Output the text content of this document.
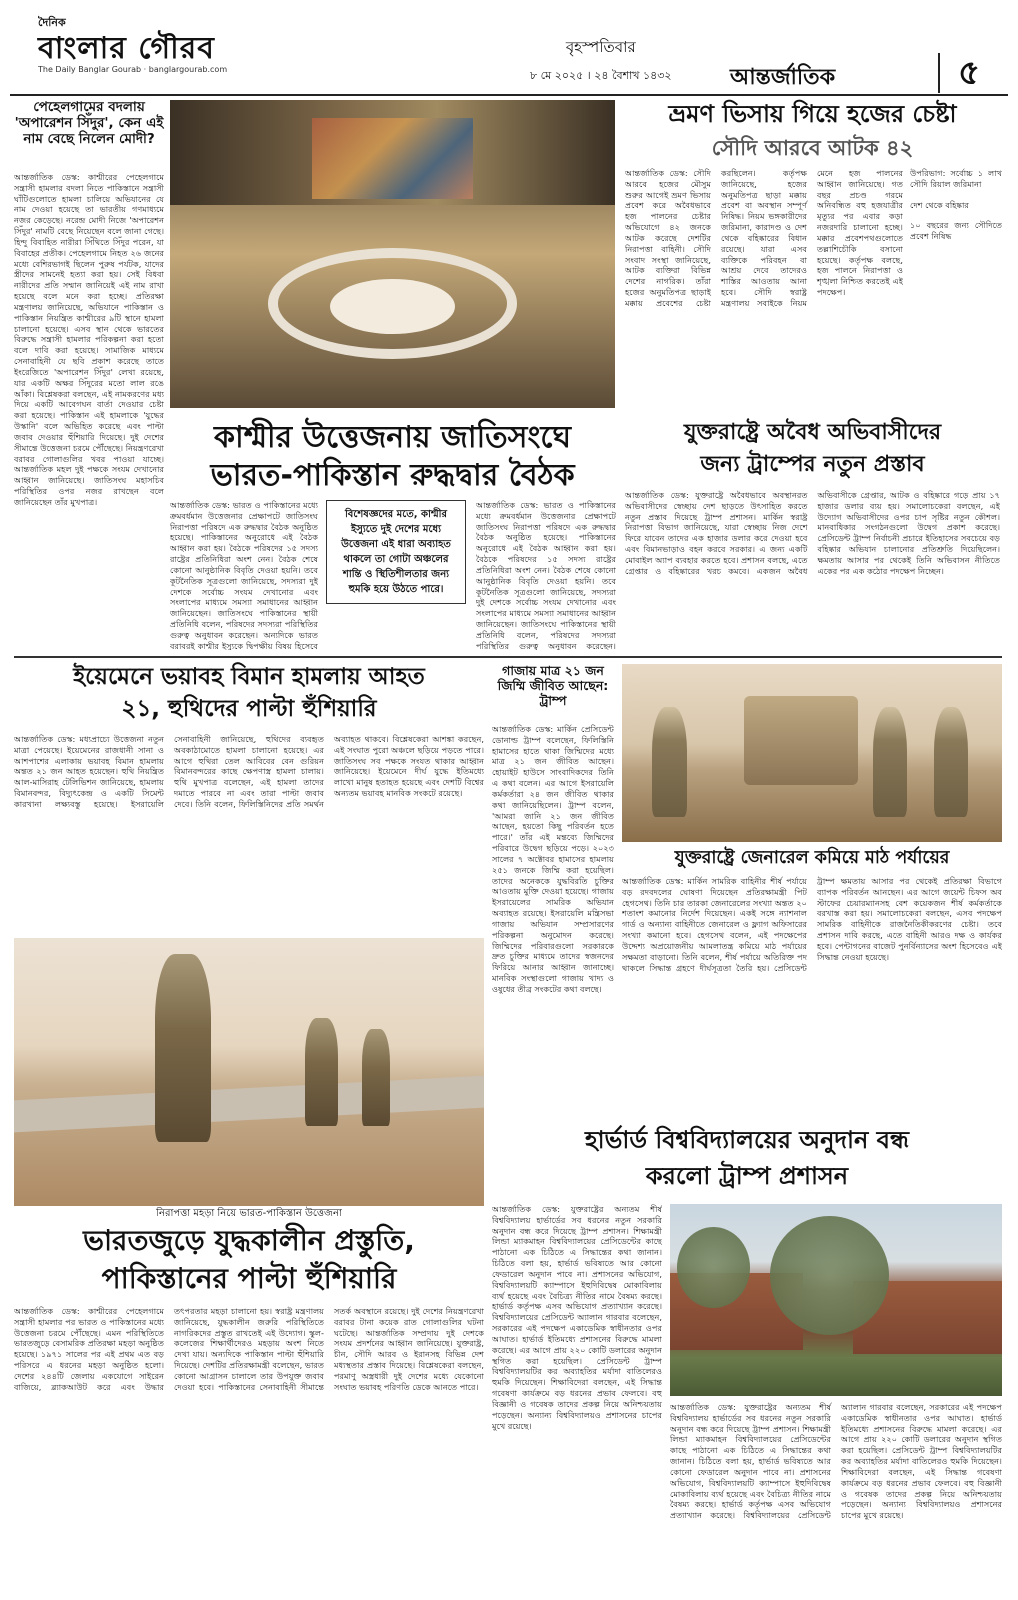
দৈনিক
বাংলার গৌরব
The Daily Banglar Gourab · banglargourab.com
বৃহস্পতিবার
৮ মে ২০২৫ । ২৪ বৈশাখ ১৪৩২	আন্তর্জাতিক	৫
পেহেলগামের বদলায় 'অপারেশন সিঁদুর', কেন এই নাম বেছে নিলেন মোদী?
আন্তর্জাতিক ডেস্ক: কাশ্মীরের পেহেলগামে সন্ত্রাসী হামলার বদলা নিতে পাকিস্তানে সন্ত্রাসী ঘাঁটিগুলোতে হামলা চালিয়ে অভিযানের যে নাম দেওয়া হয়েছে তা ভারতীয় গণমাধ্যমে নজর কেড়েছে। নরেন্দ্র মোদী নিজে 'অপারেশন সিঁদুর' নামটি বেছে নিয়েছেন বলে জানা গেছে। হিন্দু বিবাহিত নারীরা সিঁথিতে সিঁদুর পরেন, যা বিবাহের প্রতীক। পেহেলগামে নিহত ২৬ জনের মধ্যে বেশিরভাগই ছিলেন পুরুষ পর্যটক, যাদের স্ত্রীদের সামনেই হত্যা করা হয়। সেই বিধবা নারীদের প্রতি সম্মান জানিয়েই এই নাম রাখা হয়েছে বলে মনে করা হচ্ছে। প্রতিরক্ষা মন্ত্রণালয় জানিয়েছে, অভিযানে পাকিস্তান ও পাকিস্তান নিয়ন্ত্রিত কাশ্মীরের ৯টি স্থানে হামলা চালানো হয়েছে। এসব স্থান থেকে ভারতের বিরুদ্ধে সন্ত্রাসী হামলার পরিকল্পনা করা হতো বলে দাবি করা হয়েছে। সামাজিক মাধ্যমে সেনাবাহিনী যে ছবি প্রকাশ করেছে তাতে ইংরেজিতে 'অপারেশন সিঁদুর' লেখা রয়েছে, যার একটি অক্ষর সিঁদুরের মতো লাল রঙে আঁকা। বিশ্লেষকরা বলছেন, এই নামকরণের মধ্য দিয়ে একটি আবেগঘন বার্তা দেওয়ার চেষ্টা করা হয়েছে। পাকিস্তান এই হামলাকে 'যুদ্ধের উস্কানি' বলে অভিহিত করেছে এবং পাল্টা জবাব দেওয়ার হুঁশিয়ারি দিয়েছে। দুই দেশের সীমান্তে উত্তেজনা চরমে পৌঁছেছে। নিয়ন্ত্রণরেখা বরাবর গোলাগুলির খবর পাওয়া যাচ্ছে। আন্তর্জাতিক মহল দুই পক্ষকে সংযম দেখানোর আহ্বান জানিয়েছে। জাতিসংঘ মহাসচিব পরিস্থিতির ওপর নজর রাখছেন বলে জানিয়েছেন তাঁর মুখপাত্র।
ভ্রমণ ভিসায় গিয়ে হজের চেষ্টা
সৌদি আরবে আটক ৪২
আন্তর্জাতিক ডেস্ক: সৌদি আরবে হজের মৌসুম শুরুর আগেই ভ্রমণ ভিসায় প্রবেশ করে অবৈধভাবে হজ পালনের চেষ্টার অভিযোগে ৪২ জনকে আটক করেছে দেশটির নিরাপত্তা বাহিনী। সৌদি সংবাদ সংস্থা জানিয়েছে, আটক ব্যক্তিরা বিভিন্ন দেশের নাগরিক। তাঁরা হজের অনুমতিপত্র ছাড়াই মক্কায় প্রবেশের চেষ্টা করছিলেন। কর্তৃপক্ষ জানিয়েছে, হজের অনুমতিপত্র ছাড়া মক্কায় প্রবেশ বা অবস্থান সম্পূর্ণ নিষিদ্ধ। নিয়ম ভঙ্গকারীদের জরিমানা, কারাদণ্ড ও দেশ থেকে বহিষ্কারের বিধান রয়েছে। যারা এসব ব্যক্তিকে পরিবহন বা আশ্রয় দেবে তাদেরও শাস্তির আওতায় আনা হবে। সৌদি স্বরাষ্ট্র মন্ত্রণালয় সবাইকে নিয়ম মেনে হজ পালনের আহ্বান জানিয়েছে। গত বছর প্রচণ্ড গরমে অনিবন্ধিত বহু হজযাত্রীর মৃত্যুর পর এবার কড়া নজরদারি চালানো হচ্ছে। মক্কার প্রবেশপথগুলোতে তল্লাশিচৌকি বসানো হয়েছে। কর্তৃপক্ষ বলছে, হজ পালনে নিরাপত্তা ও শৃঙ্খলা নিশ্চিত করতেই এই পদক্ষেপ।
উপরিভাগ: সর্বোচ্চ ১ লাখ সৌদি রিয়াল জরিমানা
দেশ থেকে বহিষ্কার
১০ বছরের জন্য সৌদিতে প্রবেশ নিষিদ্ধ
কাশ্মীর উত্তেজনায় জাতিসংঘে
ভারত-পাকিস্তান রুদ্ধদ্বার বৈঠক
আন্তর্জাতিক ডেস্ক: ভারত ও পাকিস্তানের মধ্যে ক্রমবর্ধমান উত্তেজনার প্রেক্ষাপটে জাতিসংঘ নিরাপত্তা পরিষদে এক রুদ্ধদ্বার বৈঠক অনুষ্ঠিত হয়েছে। পাকিস্তানের অনুরোধে এই বৈঠক আহ্বান করা হয়। বৈঠকে পরিষদের ১৫ সদস্য রাষ্ট্রের প্রতিনিধিরা অংশ নেন। বৈঠক শেষে কোনো আনুষ্ঠানিক বিবৃতি দেওয়া হয়নি। তবে কূটনৈতিক সূত্রগুলো জানিয়েছে, সদস্যরা দুই দেশকে সর্বোচ্চ সংযম দেখানোর এবং সংলাপের মাধ্যমে সমস্যা সমাধানের আহ্বান জানিয়েছেন। জাতিসংঘে পাকিস্তানের স্থায়ী প্রতিনিধি বলেন, পরিষদের সদস্যরা পরিস্থিতির গুরুত্ব অনুধাবন করেছেন। অন্যদিকে ভারত বরাবরই কাশ্মীর ইস্যুকে দ্বিপক্ষীয় বিষয় হিসেবে
বিশেষজ্ঞদের মতে, কাশ্মীর ইস্যুতে দুই দেশের মধ্যে উত্তেজনা এই ধারা অব্যাহত থাকলে তা গোটা অঞ্চলের শান্তি ও স্থিতিশীলতার জন্য হুমকি হয়ে উঠতে পারে।
আন্তর্জাতিক ডেস্ক: ভারত ও পাকিস্তানের মধ্যে ক্রমবর্ধমান উত্তেজনার প্রেক্ষাপটে জাতিসংঘ নিরাপত্তা পরিষদে এক রুদ্ধদ্বার বৈঠক অনুষ্ঠিত হয়েছে। পাকিস্তানের অনুরোধে এই বৈঠক আহ্বান করা হয়। বৈঠকে পরিষদের ১৫ সদস্য রাষ্ট্রের প্রতিনিধিরা অংশ নেন। বৈঠক শেষে কোনো আনুষ্ঠানিক বিবৃতি দেওয়া হয়নি। তবে কূটনৈতিক সূত্রগুলো জানিয়েছে, সদস্যরা দুই দেশকে সর্বোচ্চ সংযম দেখানোর এবং সংলাপের মাধ্যমে সমস্যা সমাধানের আহ্বান জানিয়েছেন। জাতিসংঘে পাকিস্তানের স্থায়ী প্রতিনিধি বলেন, পরিষদের সদস্যরা পরিস্থিতির গুরুত্ব অনুধাবন করেছেন।
যুক্তরাষ্ট্রে অবৈধ অভিবাসীদের
জন্য ট্রাম্পের নতুন প্রস্তাব
আন্তর্জাতিক ডেস্ক: যুক্তরাষ্ট্রে অবৈধভাবে অবস্থানরত অভিবাসীদের স্বেচ্ছায় দেশ ছাড়তে উৎসাহিত করতে নতুন প্রস্তাব দিয়েছে ট্রাম্প প্রশাসন। মার্কিন স্বরাষ্ট্র নিরাপত্তা বিভাগ জানিয়েছে, যারা স্বেচ্ছায় নিজ দেশে ফিরে যাবেন তাদের এক হাজার ডলার করে দেওয়া হবে এবং বিমানভাড়াও বহন করবে সরকার। এ জন্য একটি মোবাইল অ্যাপ ব্যবহার করতে হবে। প্রশাসন বলছে, এতে গ্রেপ্তার ও বহিষ্কারের খরচ কমবে। একজন অবৈধ অভিবাসীকে গ্রেপ্তার, আটক ও বহিষ্কারে গড়ে প্রায় ১৭ হাজার ডলার ব্যয় হয়। সমালোচকেরা বলছেন, এই উদ্যোগ অভিবাসীদের ওপর চাপ সৃষ্টির নতুন কৌশল। মানবাধিকার সংগঠনগুলো উদ্বেগ প্রকাশ করেছে। প্রেসিডেন্ট ট্রাম্প নির্বাচনী প্রচারে ইতিহাসের সবচেয়ে বড় বহিষ্কার অভিযান চালানোর প্রতিশ্রুতি দিয়েছিলেন। ক্ষমতায় আসার পর থেকেই তিনি অভিবাসন নীতিতে একের পর এক কঠোর পদক্ষেপ নিচ্ছেন।
ইয়েমেনে ভয়াবহ বিমান হামলায় আহত
২১, হুথিদের পাল্টা হুঁশিয়ারি
আন্তর্জাতিক ডেস্ক: মধ্যপ্রাচ্যে উত্তেজনা নতুন মাত্রা পেয়েছে। ইয়েমেনের রাজধানী সানা ও আশপাশের এলাকায় ভয়াবহ বিমান হামলায় অন্তত ২১ জন আহত হয়েছেন। হুথি নিয়ন্ত্রিত আল-মাসিরাহ টেলিভিশন জানিয়েছে, হামলায় বিমানবন্দর, বিদ্যুৎকেন্দ্র ও একটি সিমেন্ট কারখানা লক্ষ্যবস্তু হয়েছে। ইসরায়েলি সেনাবাহিনী জানিয়েছে, হুথিদের ব্যবহৃত অবকাঠামোতে হামলা চালানো হয়েছে। এর আগে হুথিরা তেল আবিবের বেন গুরিয়ন বিমানবন্দরের কাছে ক্ষেপণাস্ত্র হামলা চালায়। হুথি মুখপাত্র বলেছেন, এই হামলা তাদের দমাতে পারবে না এবং তারা পাল্টা জবাব দেবে। তিনি বলেন, ফিলিস্তিনিদের প্রতি সমর্থন অব্যাহত থাকবে। বিশ্লেষকেরা আশঙ্কা করছেন, এই সংঘাত পুরো অঞ্চলে ছড়িয়ে পড়তে পারে। জাতিসংঘ সব পক্ষকে সংযত থাকার আহ্বান জানিয়েছে। ইয়েমেনে দীর্ঘ যুদ্ধে ইতিমধ্যে লাখো মানুষ হতাহত হয়েছে এবং দেশটি বিশ্বের অন্যতম ভয়াবহ মানবিক সংকটে রয়েছে।
গাজায় মাত্র ২১ জন জিম্মি জীবিত আছেন: ট্রাম্প
আন্তর্জাতিক ডেস্ক: মার্কিন প্রেসিডেন্ট ডোনাল্ড ট্রাম্প বলেছেন, ফিলিস্তিনি হামাসের হাতে থাকা জিম্মিদের মধ্যে মাত্র ২১ জন জীবিত আছেন। হোয়াইট হাউসে সাংবাদিকদের তিনি এ কথা বলেন। এর আগে ইসরায়েলি কর্মকর্তারা ২৪ জন জীবিত থাকার কথা জানিয়েছিলেন। ট্রাম্প বলেন, 'আমরা জানি ২১ জন জীবিত আছেন, হয়তো কিছু পরিবর্তন হতে পারে।' তাঁর এই মন্তব্যে জিম্মিদের পরিবারে উদ্বেগ ছড়িয়ে পড়ে। ২০২৩ সালের ৭ অক্টোবর হামাসের হামলায় ২৫১ জনকে জিম্মি করা হয়েছিল। তাদের অনেককে যুদ্ধবিরতি চুক্তির আওতায় মুক্তি দেওয়া হয়েছে। গাজায় ইসরায়েলের সামরিক অভিযান অব্যাহত রয়েছে। ইসরায়েলি মন্ত্রিসভা গাজায় অভিযান সম্প্রসারণের পরিকল্পনা অনুমোদন করেছে। জিম্মিদের পরিবারগুলো সরকারকে দ্রুত চুক্তির মাধ্যমে তাদের স্বজনদের ফিরিয়ে আনার আহ্বান জানাচ্ছে। মানবিক সংস্থাগুলো গাজায় খাদ্য ও ওষুধের তীব্র সংকটের কথা বলছে।
যুক্তরাষ্ট্রে জেনারেল কমিয়ে মাঠ পর্যায়ের
আন্তর্জাতিক ডেস্ক: মার্কিন সামরিক বাহিনীর শীর্ষ পর্যায়ে বড় রদবদলের ঘোষণা দিয়েছেন প্রতিরক্ষামন্ত্রী পিট হেগসেথ। তিনি চার তারকা জেনারেলের সংখ্যা অন্তত ২০ শতাংশ কমানোর নির্দেশ দিয়েছেন। একই সঙ্গে ন্যাশনাল গার্ড ও অন্যান্য বাহিনীতে জেনারেল ও ফ্ল্যাগ অফিসারের সংখ্যা কমানো হবে। হেগসেথ বলেন, এই পদক্ষেপের উদ্দেশ্য অপ্রয়োজনীয় আমলাতন্ত্র কমিয়ে মাঠ পর্যায়ের সক্ষমতা বাড়ানো। তিনি বলেন, শীর্ষ পর্যায়ে অতিরিক্ত পদ থাকলে সিদ্ধান্ত গ্রহণে দীর্ঘসূত্রতা তৈরি হয়। প্রেসিডেন্ট ট্রাম্প ক্ষমতায় আসার পর থেকেই প্রতিরক্ষা বিভাগে ব্যাপক পরিবর্তন আনছেন। এর আগে জয়েন্ট চিফস অব স্টাফের চেয়ারম্যানসহ বেশ কয়েকজন শীর্ষ কর্মকর্তাকে বরখাস্ত করা হয়। সমালোচকেরা বলছেন, এসব পদক্ষেপ সামরিক বাহিনীকে রাজনৈতিকীকরণের চেষ্টা। তবে প্রশাসন দাবি করছে, এতে বাহিনী আরও দক্ষ ও কার্যকর হবে। পেন্টাগনের বাজেট পুনর্বিন্যাসের অংশ হিসেবেও এই সিদ্ধান্ত নেওয়া হয়েছে।
নিরাপত্তা মহড়া নিয়ে ভারত-পাকিস্তান উত্তেজনা
ভারতজুড়ে যুদ্ধকালীন প্রস্তুতি,
পাকিস্তানের পাল্টা হুঁশিয়ারি
আন্তর্জাতিক ডেস্ক: কাশ্মীরের পেহেলগামে সন্ত্রাসী হামলার পর ভারত ও পাকিস্তানের মধ্যে উত্তেজনা চরমে পৌঁছেছে। এমন পরিস্থিতিতে ভারতজুড়ে বেসামরিক প্রতিরক্ষা মহড়া অনুষ্ঠিত হয়েছে। ১৯৭১ সালের পর এই প্রথম এত বড় পরিসরে এ ধরনের মহড়া অনুষ্ঠিত হলো। দেশের ২৪৪টি জেলায় একযোগে সাইরেন বাজিয়ে, ব্ল্যাকআউট করে এবং উদ্ধার তৎপরতার মহড়া চালানো হয়। স্বরাষ্ট্র মন্ত্রণালয় জানিয়েছে, যুদ্ধকালীন জরুরি পরিস্থিতিতে নাগরিকদের প্রস্তুত রাখতেই এই উদ্যোগ। স্কুল-কলেজের শিক্ষার্থীদেরও মহড়ায় অংশ নিতে দেখা যায়। অন্যদিকে পাকিস্তান পাল্টা হুঁশিয়ারি দিয়েছে। দেশটির প্রতিরক্ষামন্ত্রী বলেছেন, ভারত কোনো আগ্রাসন চালালে তার উপযুক্ত জবাব দেওয়া হবে। পাকিস্তানের সেনাবাহিনী সীমান্তে সতর্ক অবস্থানে রয়েছে। দুই দেশের নিয়ন্ত্রণরেখা বরাবর টানা কয়েক রাত গোলাগুলির ঘটনা ঘটেছে। আন্তর্জাতিক সম্প্রদায় দুই দেশকে সংযম প্রদর্শনের আহ্বান জানিয়েছে। যুক্তরাষ্ট্র, চীন, সৌদি আরব ও ইরানসহ বিভিন্ন দেশ মধ্যস্থতার প্রস্তাব দিয়েছে। বিশ্লেষকেরা বলছেন, পরমাণু অস্ত্রধারী দুই দেশের মধ্যে যেকোনো সংঘাত ভয়াবহ পরিণতি ডেকে আনতে পারে।
হার্ভার্ড বিশ্ববিদ্যালয়ের অনুদান বন্ধ
করলো ট্রাম্প প্রশাসন
আন্তর্জাতিক ডেস্ক: যুক্তরাষ্ট্রের অন্যতম শীর্ষ বিশ্ববিদ্যালয় হার্ভার্ডের সব ধরনের নতুন সরকারি অনুদান বন্ধ করে দিয়েছে ট্রাম্প প্রশাসন। শিক্ষামন্ত্রী লিন্ডা ম্যাকমাহন বিশ্ববিদ্যালয়ের প্রেসিডেন্টের কাছে পাঠানো এক চিঠিতে এ সিদ্ধান্তের কথা জানান। চিঠিতে বলা হয়, হার্ভার্ড ভবিষ্যতে আর কোনো ফেডারেল অনুদান পাবে না। প্রশাসনের অভিযোগ, বিশ্ববিদ্যালয়টি ক্যাম্পাসে ইহুদিবিদ্বেষ মোকাবিলায় ব্যর্থ হয়েছে এবং বৈচিত্র্য নীতির নামে বৈষম্য করছে। হার্ভার্ড কর্তৃপক্ষ এসব অভিযোগ প্রত্যাখ্যান করেছে। বিশ্ববিদ্যালয়ের প্রেসিডেন্ট অ্যালান গারবার বলেছেন, সরকারের এই পদক্ষেপ একাডেমিক স্বাধীনতার ওপর আঘাত। হার্ভার্ড ইতিমধ্যে প্রশাসনের বিরুদ্ধে মামলা করেছে। এর আগে প্রায় ২২০ কোটি ডলারের অনুদান স্থগিত করা হয়েছিল। প্রেসিডেন্ট ট্রাম্প বিশ্ববিদ্যালয়টির কর অব্যাহতির মর্যাদা বাতিলেরও হুমকি দিয়েছেন। শিক্ষাবিদেরা বলছেন, এই সিদ্ধান্ত গবেষণা কার্যক্রমে বড় ধরনের প্রভাব ফেলবে। বহু বিজ্ঞানী ও গবেষক তাদের প্রকল্প নিয়ে অনিশ্চয়তায় পড়েছেন। অন্যান্য বিশ্ববিদ্যালয়ও প্রশাসনের চাপের মুখে রয়েছে।
আন্তর্জাতিক ডেস্ক: যুক্তরাষ্ট্রের অন্যতম শীর্ষ বিশ্ববিদ্যালয় হার্ভার্ডের সব ধরনের নতুন সরকারি অনুদান বন্ধ করে দিয়েছে ট্রাম্প প্রশাসন। শিক্ষামন্ত্রী লিন্ডা ম্যাকমাহন বিশ্ববিদ্যালয়ের প্রেসিডেন্টের কাছে পাঠানো এক চিঠিতে এ সিদ্ধান্তের কথা জানান। চিঠিতে বলা হয়, হার্ভার্ড ভবিষ্যতে আর কোনো ফেডারেল অনুদান পাবে না। প্রশাসনের অভিযোগ, বিশ্ববিদ্যালয়টি ক্যাম্পাসে ইহুদিবিদ্বেষ মোকাবিলায় ব্যর্থ হয়েছে এবং বৈচিত্র্য নীতির নামে বৈষম্য করছে। হার্ভার্ড কর্তৃপক্ষ এসব অভিযোগ প্রত্যাখ্যান করেছে। বিশ্ববিদ্যালয়ের প্রেসিডেন্ট অ্যালান গারবার বলেছেন, সরকারের এই পদক্ষেপ একাডেমিক স্বাধীনতার ওপর আঘাত। হার্ভার্ড ইতিমধ্যে প্রশাসনের বিরুদ্ধে মামলা করেছে। এর আগে প্রায় ২২০ কোটি ডলারের অনুদান স্থগিত করা হয়েছিল। প্রেসিডেন্ট ট্রাম্প বিশ্ববিদ্যালয়টির কর অব্যাহতির মর্যাদা বাতিলেরও হুমকি দিয়েছেন। শিক্ষাবিদেরা বলছেন, এই সিদ্ধান্ত গবেষণা কার্যক্রমে বড় ধরনের প্রভাব ফেলবে। বহু বিজ্ঞানী ও গবেষক তাদের প্রকল্প নিয়ে অনিশ্চয়তায় পড়েছেন। অন্যান্য বিশ্ববিদ্যালয়ও প্রশাসনের চাপের মুখে রয়েছে।
